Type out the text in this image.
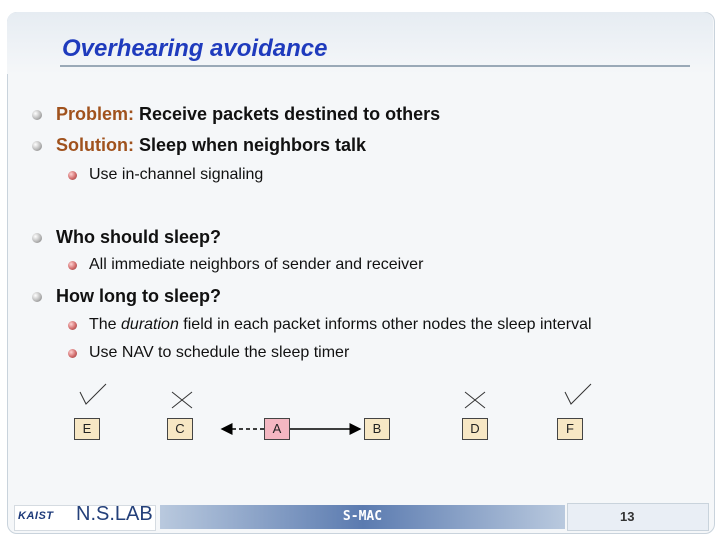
Overhearing avoidance
Problem: Receive packets destined to others
Solution: Sleep when neighbors talk
Use in-channel signaling
Who should sleep?
All immediate neighbors of sender and receiver
How long to sleep?
The duration field in each packet informs other nodes the sleep interval
Use NAV to schedule the sleep timer
E	C	A	B	D	F
KAIST N.S.LAB	S-MAC	13
